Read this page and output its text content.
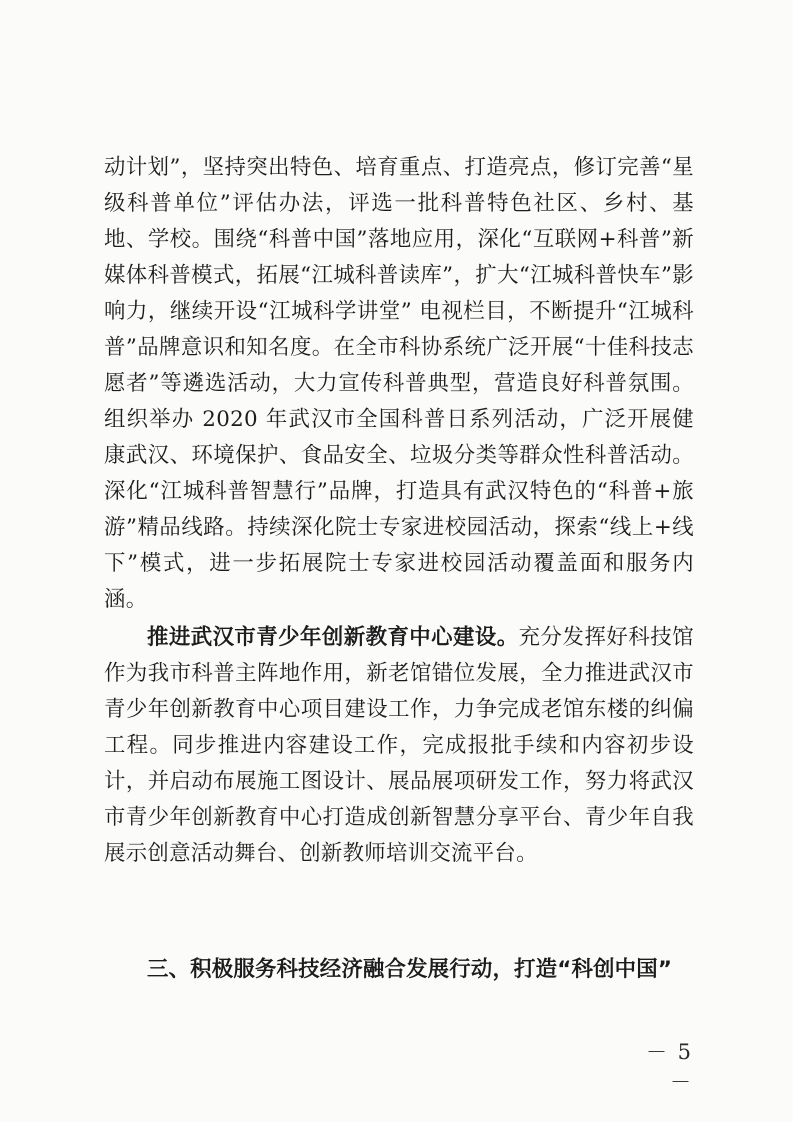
动计划”，坚持突出特色、培育重点、打造亮点，修订完善“星级科普单位”评估办法，评选一批科普特色社区、乡村、基地、学校。围绕“科普中国”落地应用，深化“互联网+科普”新媒体科普模式，拓展“江城科普读库”，扩大“江城科普快车”影响力，继续开设“江城科学讲堂” 电视栏目，不断提升“江城科普”品牌意识和知名度。在全市科协系统广泛开展“十佳科技志愿者”等遴选活动，大力宣传科普典型，营造良好科普氛围。组织举办 2020 年武汉市全国科普日系列活动，广泛开展健康武汉、环境保护、食品安全、垃圾分类等群众性科普活动。深化“江城科普智慧行”品牌，打造具有武汉特色的“科普+旅游”精品线路。持续深化院士专家进校园活动，探索“线上+线下”模式，进一步拓展院士专家进校园活动覆盖面和服务内涵。

推进武汉市青少年创新教育中心建设。充分发挥好科技馆作为我市科普主阵地作用，新老馆错位发展，全力推进武汉市青少年创新教育中心项目建设工作，力争完成老馆东楼的纠偏工程。同步推进内容建设工作，完成报批手续和内容初步设计，并启动布展施工图设计、展品展项研发工作，努力将武汉市青少年创新教育中心打造成创新智慧分享平台、青少年自我展示创意活动舞台、创新教师培训交流平台。

三、积极服务科技经济融合发展行动，打造“科创中国”

－ 5 －
